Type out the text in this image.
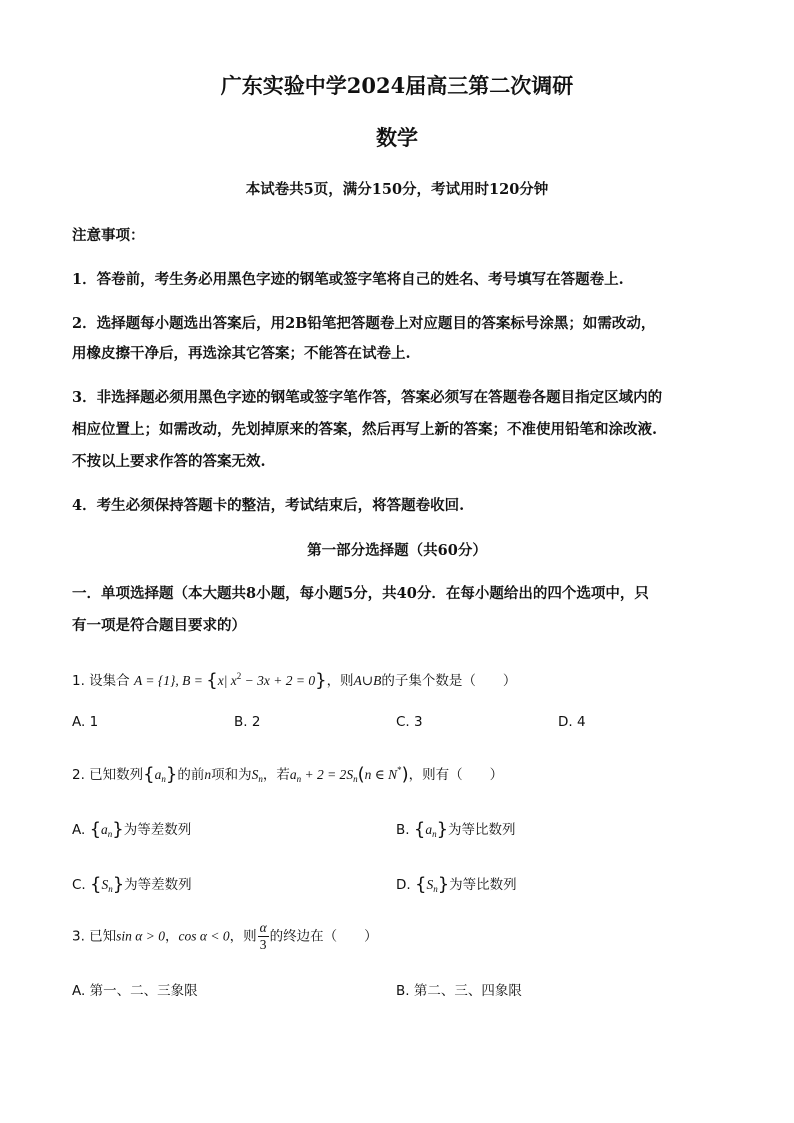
广东实验中学2024届高三第二次调研
数学
本试卷共5页，满分150分，考试用时120分钟
注意事项：
1．答卷前，考生务必用黑色字迹的钢笔或签字笔将自己的姓名、考号填写在答题卷上.
2．选择题每小题选出答案后，用2B铅笔把答题卷上对应题目的答案标号涂黑；如需改动，
用橡皮擦干净后，再选涂其它答案；不能答在试卷上.
3．非选择题必须用黑色字迹的钢笔或签字笔作答，答案必须写在答题卷各题目指定区域内的
相应位置上；如需改动，先划掉原来的答案，然后再写上新的答案；不准使用铅笔和涂改液.
不按以上要求作答的答案无效.
4．考生必须保持答题卡的整洁，考试结束后，将答题卷收回.
第一部分选择题（共60分）
一．单项选择题（本大题共8小题，每小题5分，共40分．在每小题给出的四个选项中，只
有一项是符合题目要求的）
1. 设集合 A = {1}, B = {x| $x^2 - 3x + 2 = 0$}，则A∪B的子集个数是（　　）
A. 1	B. 2	C. 3	D. 4
2. 已知数列$\{a_n\}$的前n项和为$S_n$，若$a_n + 2 = 2S_n(n$ ∈ N*)，则有（　　）
A. $\{a_n\}$为等差数列	B. $\{a_n\}$为等比数列
C. $\{S_n\}$为等差数列	D. $\{S_n\}$为等比数列
3. 已知sin α > 0，cos α < 0，则 $\frac{\alpha}{3}$ 的终边在（　　）
A. 第一、二、三象限	B. 第二、三、四象限
